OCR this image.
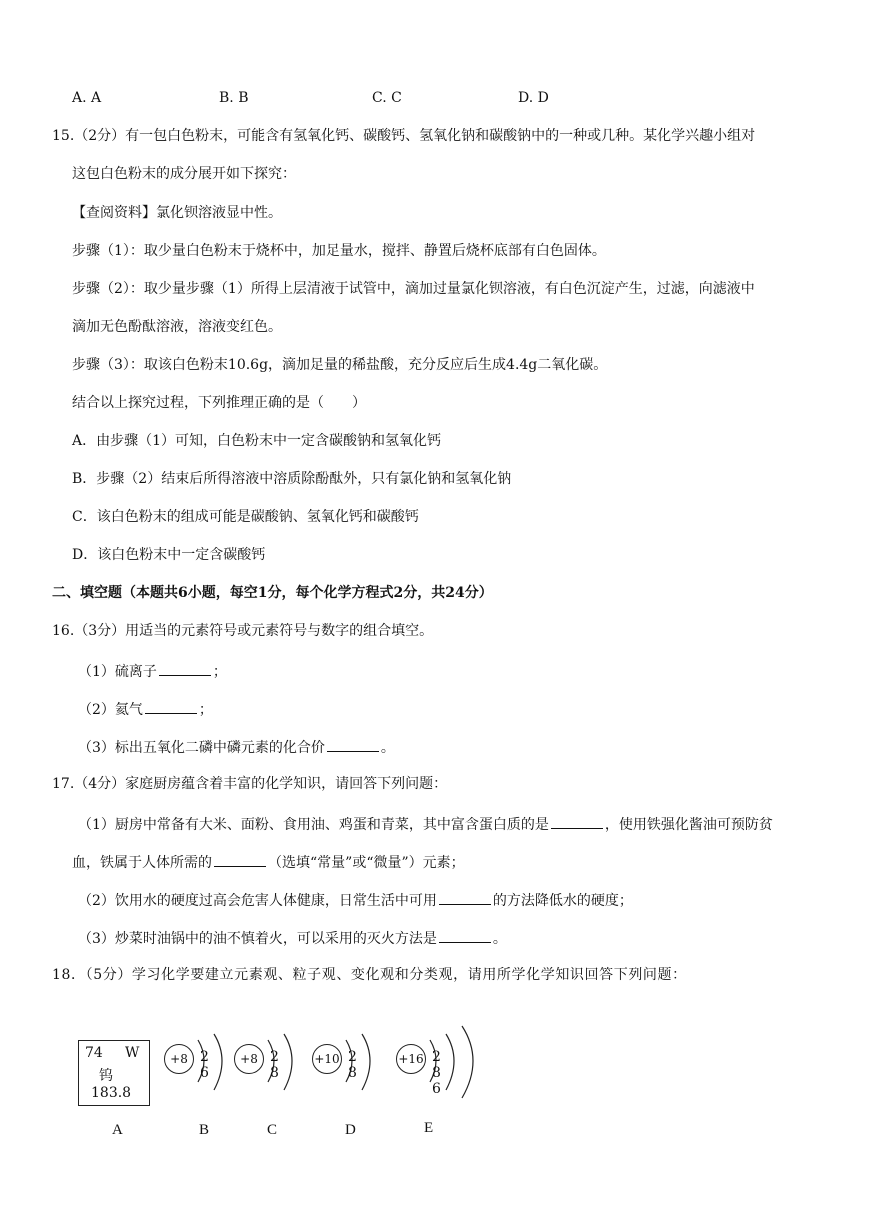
A. A	B. B	C. C	D. D
15.（2分）有一包白色粉末，可能含有氢氧化钙、碳酸钙、氢氧化钠和碳酸钠中的一种或几种。某化学兴趣小组对
这包白色粉末的成分展开如下探究：
【查阅资料】氯化钡溶液显中性。
步骤（1）：取少量白色粉末于烧杯中，加足量水，搅拌、静置后烧杯底部有白色固体。
步骤（2）：取少量步骤（1）所得上层清液于试管中，滴加过量氯化钡溶液，有白色沉淀产生，过滤，向滤液中
滴加无色酚酞溶液，溶液变红色。
步骤（3）：取该白色粉末10.6g，滴加足量的稀盐酸，充分反应后生成4.4g二氧化碳。
结合以上探究过程，下列推理正确的是（　　）
A．由步骤（1）可知，白色粉末中一定含碳酸钠和氢氧化钙
B．步骤（2）结束后所得溶液中溶质除酚酞外，只有氯化钠和氢氧化钠
C．该白色粉末的组成可能是碳酸钠、氢氧化钙和碳酸钙
D．该白色粉末中一定含碳酸钙
二、填空题（本题共6小题，每空1分，每个化学方程式2分，共24分）
16.（3分）用适当的元素符号或元素符号与数字的组合填空。
（1）硫离子	；
（2）氦气	；
（3）标出五氧化二磷中磷元素的化合价	。
17.（4分）家庭厨房蕴含着丰富的化学知识，请回答下列问题：
（1）厨房中常备有大米、面粉、食用油、鸡蛋和青菜，其中富含蛋白质的是	，使用铁强化酱油可预防贫
血，铁属于人体所需的	（选填“常量”或“微量”）元素；
（2）饮用水的硬度过高会危害人体健康，日常生活中可用	的方法降低水的硬度；
（3）炒菜时油锅中的油不慎着火，可以采用的灭火方法是	。
18．（5分）学习化学要建立元素观、粒子观、变化观和分类观，请用所学化学知识回答下列问题：
74 W
钨
183.8
+8 2 6
+8 2 8
+10 2 8
+16 2 8 6
A	B	C	D	E
